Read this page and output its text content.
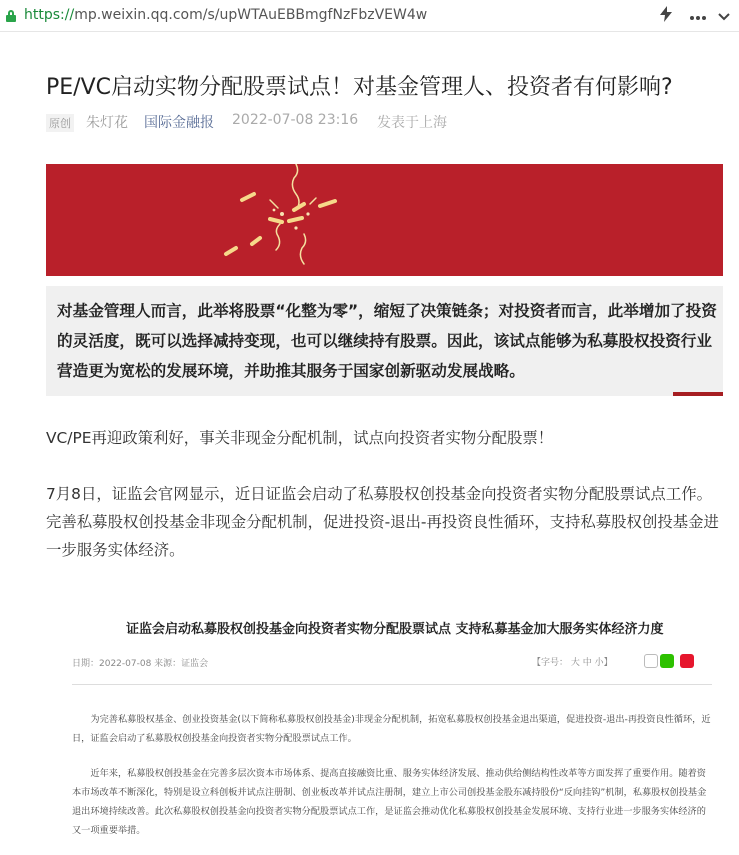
https://mp.weixin.qq.com/s/upWTAuEBBmgfNzFbzVEW4w
PE/VC启动实物分配股票试点！对基金管理人、投资者有何影响?
原创 朱灯花 国际金融报 2022-07-08 23:16 发表于上海

对基金管理人而言，此举将股票“化整为零”，缩短了决策链条；对投资者而言，此举增加了投资的灵活度，既可以选择减持变现，也可以继续持有股票。因此，该试点能够为私募股权投资行业营造更为宽松的发展环境，并助推其服务于国家创新驱动发展战略。

VC/PE再迎政策利好，事关非现金分配机制，试点向投资者实物分配股票！

7月8日，证监会官网显示，近日证监会启动了私募股权创投基金向投资者实物分配股票试点工作。完善私募股权创投基金非现金分配机制，促进投资-退出-再投资良性循环，支持私募股权创投基金进一步服务实体经济。

证监会启动私募股权创投基金向投资者实物分配股票试点 支持私募基金加大服务实体经济力度
日期：2022-07-08 来源：证监会	【字号： 大 中 小】

为完善私募股权基金、创业投资基金(以下简称私募股权创投基金)非现金分配机制，拓宽私募股权创投基金退出渠道，促进投资-退出-再投资良性循环，近日，证监会启动了私募股权创投基金向投资者实物分配股票试点工作。

近年来，私募股权创投基金在完善多层次资本市场体系、提高直接融资比重、服务实体经济发展、推动供给侧结构性改革等方面发挥了重要作用。随着资本市场改革不断深化，特别是设立科创板并试点注册制、创业板改革并试点注册制，建立上市公司创投基金股东减持股份“反向挂钩”机制，私募股权创投基金退出环境持续改善。此次私募股权创投基金向投资者实物分配股票试点工作，是证监会推动优化私募股权创投基金发展环境、支持行业进一步服务实体经济的又一项重要举措。
